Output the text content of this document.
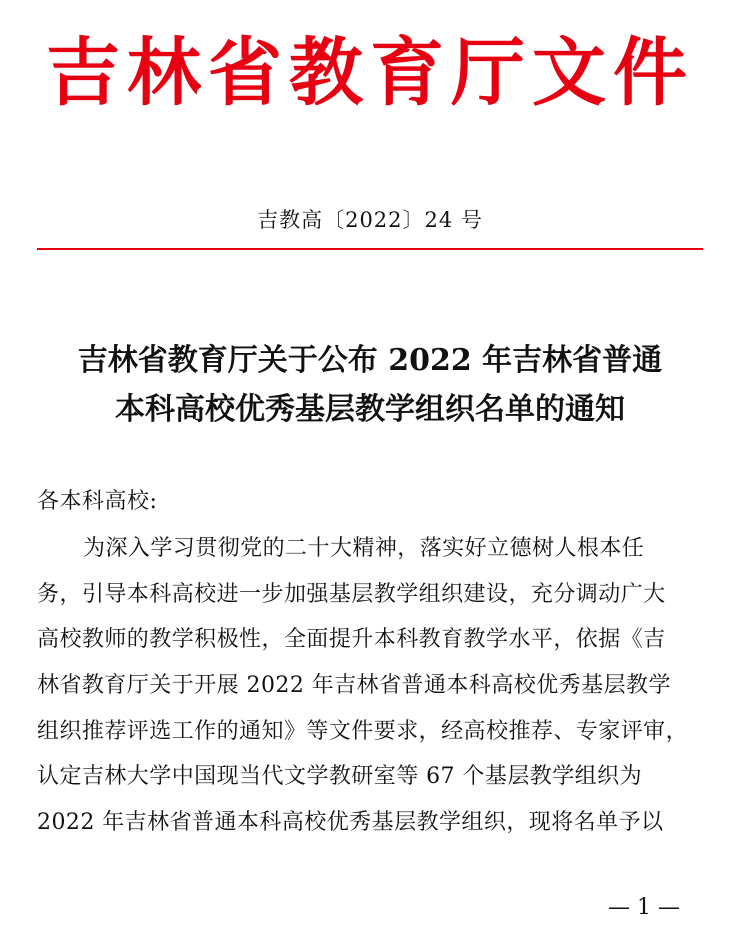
吉林省教育厅文件
吉教高〔2022〕24 号
吉林省教育厅关于公布 2022 年吉林省普通
本科高校优秀基层教学组织名单的通知
各本科高校:
为深入学习贯彻党的二十大精神，落实好立德树人根本任
务，引导本科高校进一步加强基层教学组织建设，充分调动广大
高校教师的教学积极性，全面提升本科教育教学水平，依据《吉
林省教育厅关于开展 2022 年吉林省普通本科高校优秀基层教学
组织推荐评选工作的通知》等文件要求，经高校推荐、专家评审，
认定吉林大学中国现当代文学教研室等 67 个基层教学组织为
2022 年吉林省普通本科高校优秀基层教学组织，现将名单予以
— 1 —
